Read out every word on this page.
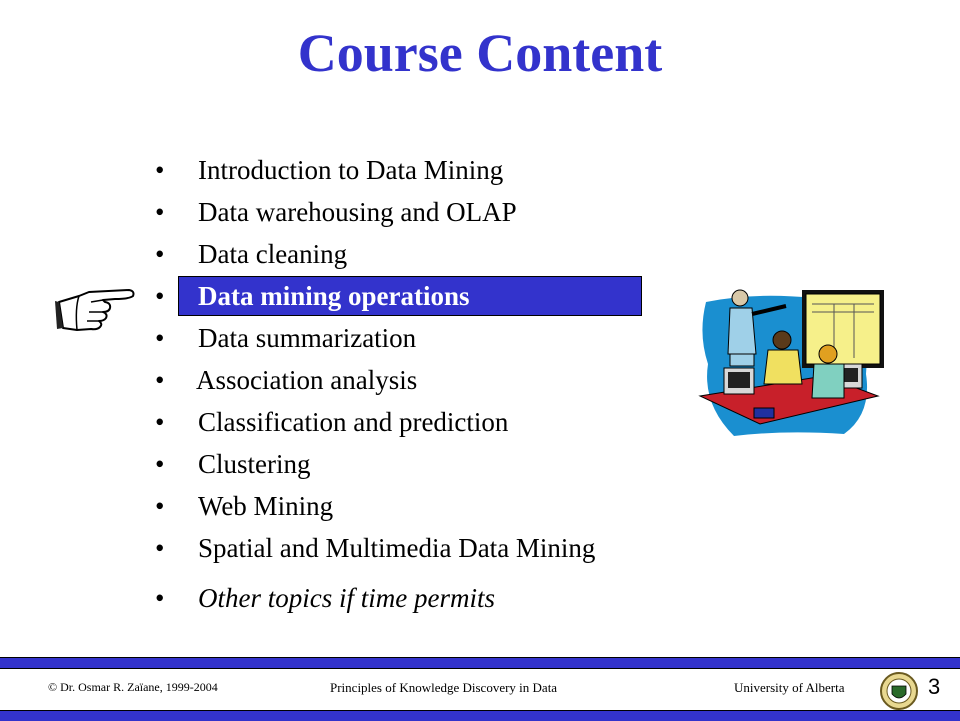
Course Content
• Introduction to Data Mining
• Data warehousing and OLAP
• Data cleaning
• Data mining operations
• Data summarization
• Association analysis
• Classification and prediction
• Clustering
• Web Mining
• Spatial and Multimedia Data Mining
• Other topics if time permits
© Dr. Osmar R. Zaïane, 1999-2004	Principles of Knowledge Discovery in Data	University of Alberta	3
